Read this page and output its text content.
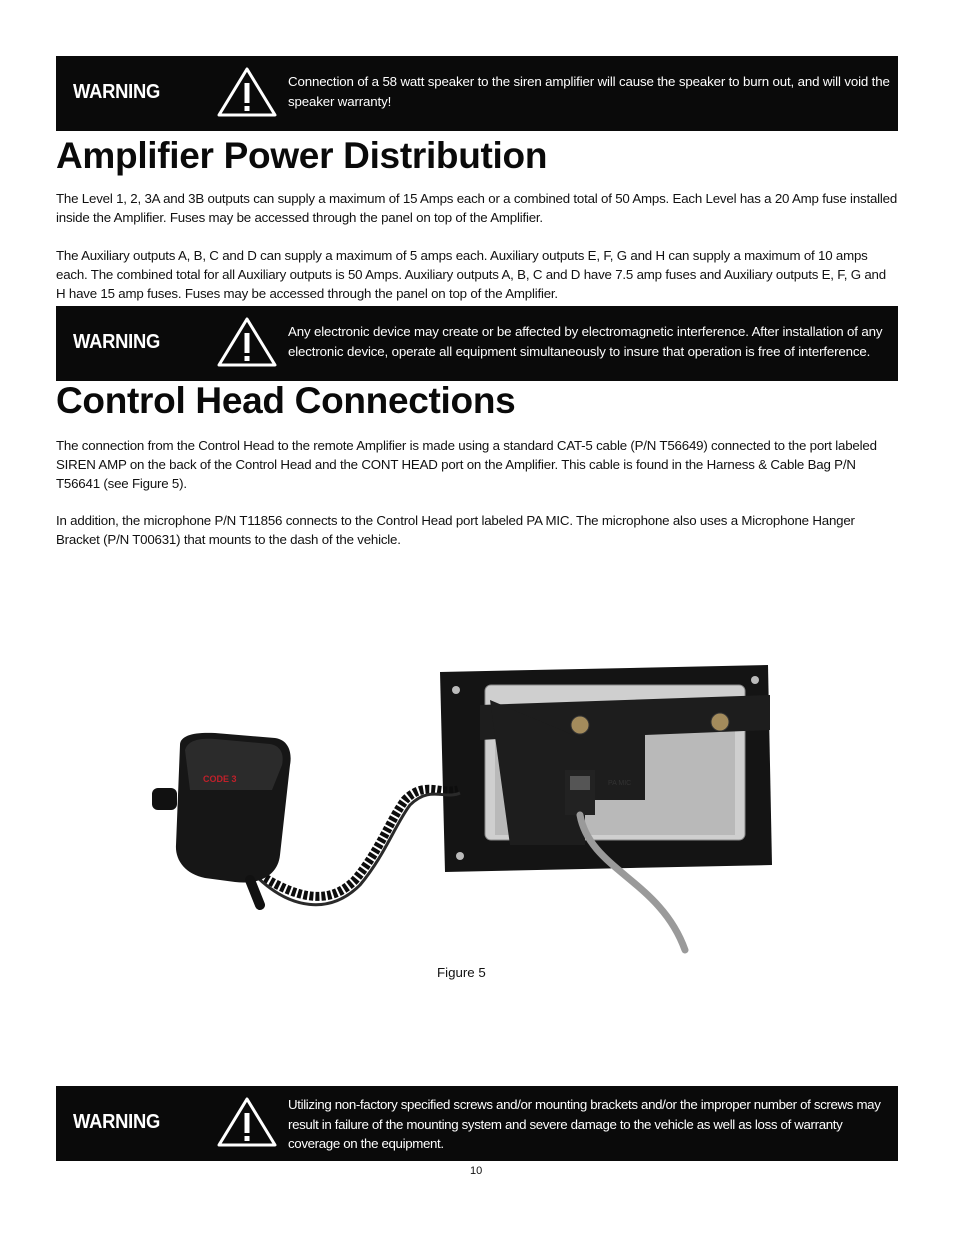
WARNING	Connection of a 58 watt speaker to the siren amplifier will cause the speaker to burn out, and will void the speaker warranty!
Amplifier Power Distribution

The Level 1, 2, 3A and 3B outputs can supply a maximum of 15 Amps each or a combined total of 50 Amps. Each Level has a 20 Amp fuse installed inside the Amplifier. Fuses may be accessed through the panel on top of the Amplifier.

The Auxiliary outputs A, B, C and D can supply a maximum of 5 amps each. Auxiliary outputs E, F, G and H can supply a maximum of 10 amps each. The combined total for all Auxiliary outputs is 50 Amps. Auxiliary outputs A, B, C and D have 7.5 amp fuses and Auxiliary outputs E, F, G and H have 15 amp fuses. Fuses may be accessed through the panel on top of the Amplifier.

WARNING	Any electronic device may create or be affected by electromagnetic interference. After installation of any electronic device, operate all equipment simultaneously to insure that operation is free of interference.
Control Head Connections

The connection from the Control Head to the remote Amplifier is made using a standard CAT-5 cable (P/N T56649) connected to the port labeled SIREN AMP on the back of the Control Head and the CONT HEAD port on the Amplifier. This cable is found in the Harness & Cable Bag P/N T56641 (see Figure 5).

In addition, the microphone P/N T11856 connects to the Control Head port labeled PA MIC. The microphone also uses a Microphone Hanger Bracket (P/N T00631) that mounts to the dash of the vehicle.

PA MIC
CODE 3
Figure 5
WARNING
Utilizing non-factory specified screws and/or mounting brackets and/or the improper number of screws may result in failure of the mounting system and severe damage to the vehicle as well as loss of warranty coverage on the equipment.
10
